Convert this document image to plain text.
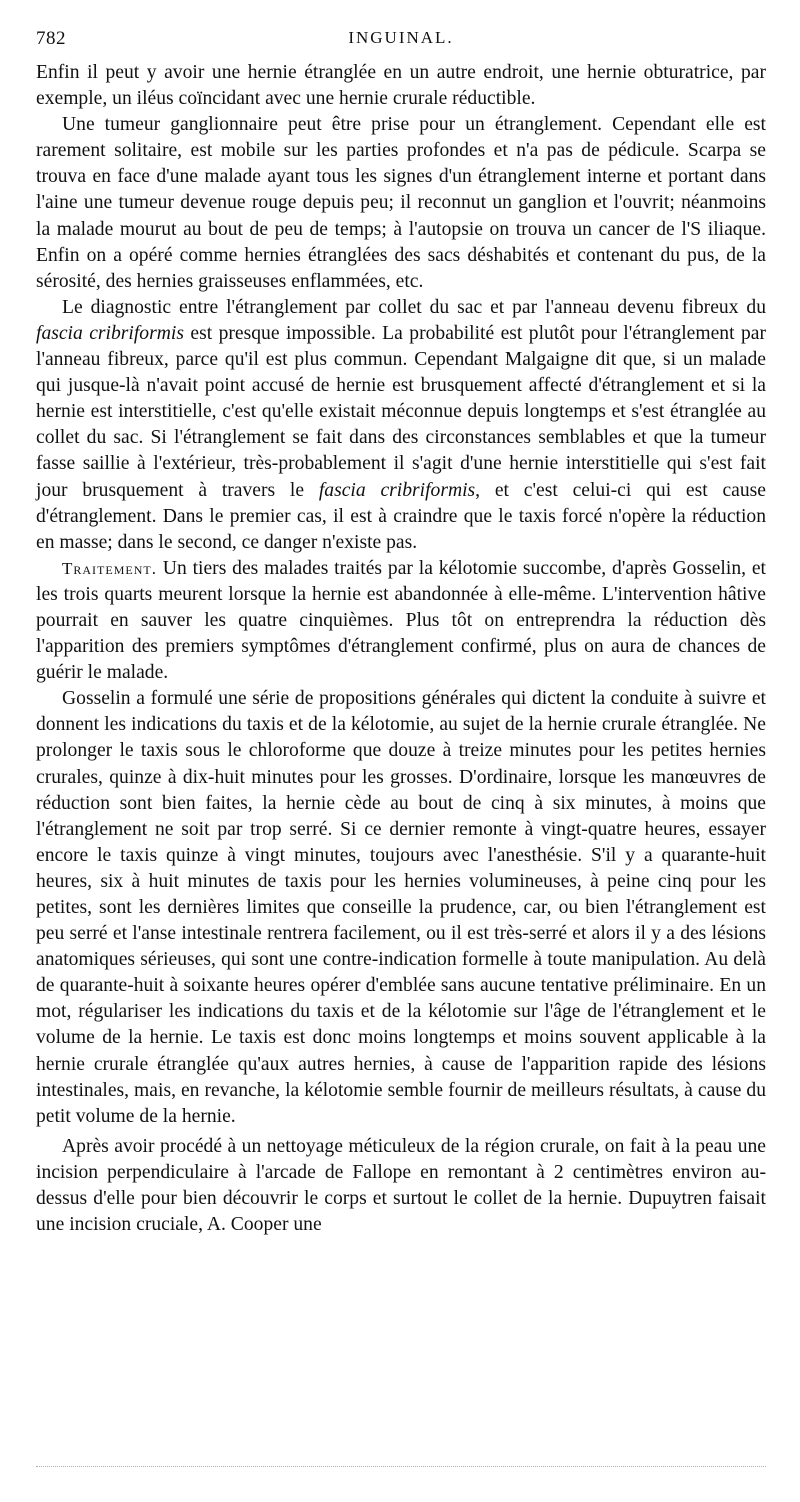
782	INGUINAL.

Enfin il peut y avoir une hernie étranglée en un autre endroit, une hernie obturatrice, par exemple, un iléus coïncidant avec une hernie crurale réductible.

Une tumeur ganglionnaire peut être prise pour un étranglement. Cependant elle est rarement solitaire, est mobile sur les parties profondes et n'a pas de pédicule. Scarpa se trouva en face d'une malade ayant tous les signes d'un étranglement interne et portant dans l'aine une tumeur devenue rouge depuis peu; il reconnut un ganglion et l'ouvrit; néanmoins la malade mourut au bout de peu de temps; à l'autopsie on trouva un cancer de l'S iliaque. Enfin on a opéré comme hernies étranglées des sacs déshabités et contenant du pus, de la sérosité, des hernies graisseuses enflammées, etc.

Le diagnostic entre l'étranglement par collet du sac et par l'anneau devenu fibreux du fascia cribriformis est presque impossible. La probabilité est plutôt pour l'étranglement par l'anneau fibreux, parce qu'il est plus commun. Cependant Malgaigne dit que, si un malade qui jusque-là n'avait point accusé de hernie est brusquement affecté d'étranglement et si la hernie est interstitielle, c'est qu'elle existait méconnue depuis longtemps et s'est étranglée au collet du sac. Si l'étranglement se fait dans des circonstances semblables et que la tumeur fasse saillie à l'extérieur, très-probablement il s'agit d'une hernie interstitielle qui s'est fait jour brusquement à travers le fascia cribriformis, et c'est celui-ci qui est cause d'étranglement. Dans le premier cas, il est à craindre que le taxis forcé n'opère la réduction en masse; dans le second, ce danger n'existe pas.

Traitement. Un tiers des malades traités par la kélotomie succombe, d'après Gosselin, et les trois quarts meurent lorsque la hernie est abandonnée à elle-même. L'intervention hâtive pourrait en sauver les quatre cinquièmes. Plus tôt on entreprendra la réduction dès l'apparition des premiers symptômes d'étranglement confirmé, plus on aura de chances de guérir le malade.

Gosselin a formulé une série de propositions générales qui dictent la conduite à suivre et donnent les indications du taxis et de la kélotomie, au sujet de la hernie crurale étranglée. Ne prolonger le taxis sous le chloroforme que douze à treize minutes pour les petites hernies crurales, quinze à dix-huit minutes pour les grosses. D'ordinaire, lorsque les manœuvres de réduction sont bien faites, la hernie cède au bout de cinq à six minutes, à moins que l'étranglement ne soit par trop serré. Si ce dernier remonte à vingt-quatre heures, essayer encore le taxis quinze à vingt minutes, toujours avec l'anesthésie. S'il y a quarante-huit heures, six à huit minutes de taxis pour les hernies volumineuses, à peine cinq pour les petites, sont les dernières limites que conseille la prudence, car, ou bien l'étranglement est peu serré et l'anse intestinale rentrera facilement, ou il est très-serré et alors il y a des lésions anatomiques sérieuses, qui sont une contre-indication formelle à toute manipulation. Au delà de quarante-huit à soixante heures opérer d'emblée sans aucune tentative préliminaire. En un mot, régulariser les indications du taxis et de la kélotomie sur l'âge de l'étranglement et le volume de la hernie. Le taxis est donc moins longtemps et moins souvent applicable à la hernie crurale étranglée qu'aux autres hernies, à cause de l'apparition rapide des lésions intestinales, mais, en revanche, la kélotomie semble fournir de meilleurs résultats, à cause du petit volume de la hernie.

Après avoir procédé à un nettoyage méticuleux de la région crurale, on fait à la peau une incision perpendiculaire à l'arcade de Fallope en remontant à 2 centimètres environ au-dessus d'elle pour bien découvrir le corps et surtout le collet de la hernie. Dupuytren faisait une incision cruciale, A. Cooper une
